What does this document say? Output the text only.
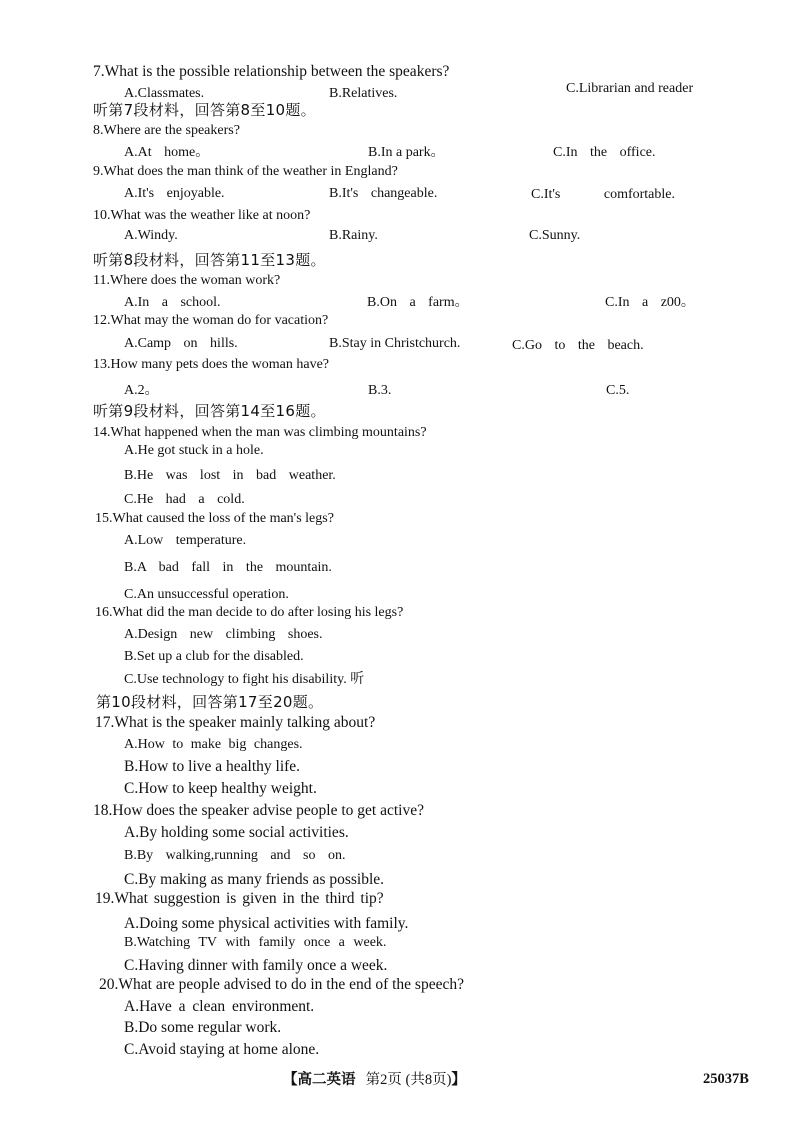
7.What is the possible relationship between the speakers?
A.Classmates.	B.Relatives.	C.Librarian and reader
听第7段材料，回答第8至10题。
8.Where are the speakers?
A.At home。	B.In a park。	C.In the office.
9.What does the man think of the weather in England?
A.It's enjoyable.	B.It's changeable.	C.It's comfortable.
10.What was the weather like at noon?
A.Windy.	B.Rainy.	C.Sunny.
听第8段材料，回答第11至13题。
11.Where does the woman work?
A.In a school.	B.On a farm。	C.In a z00。
12.What may the woman do for vacation?
A.Camp on hills.	B.Stay in Christchurch.	C.Go to the beach.
13.How many pets does the woman have?
A.2。	B.3.	C.5.
听第9段材料，回答第14至16题。
14.What happened when the man was climbing mountains?
A.He got stuck in a hole.
B.He was lost in bad weather.
C.He had a cold.
15.What caused the loss of the man's legs?
A.Low temperature.
B.A bad fall in the mountain.
C.An unsuccessful operation.
16.What did the man decide to do after losing his legs?
A.Design new climbing shoes.
B.Set up a club for the disabled.
C.Use technology to fight his disability. 听
第10段材料，回答第17至20题。
17.What is the speaker mainly talking about?
A.How to make big changes.
B.How to live a healthy life.
C.How to keep healthy weight.
18.How does the speaker advise people to get active?
A.By holding some social activities.
B.By walking,running and so on.
C.By making as many friends as possible.
19.What suggestion is given in the third tip?
A.Doing some physical activities with family.
B.Watching TV with family once a week.
C.Having dinner with family once a week.
20.What are people advised to do in the end of the speech?
A.Have a clean environment.
B.Do some regular work.
C.Avoid staying at home alone.
【高二英语 第2页 (共8页)】	25037B
